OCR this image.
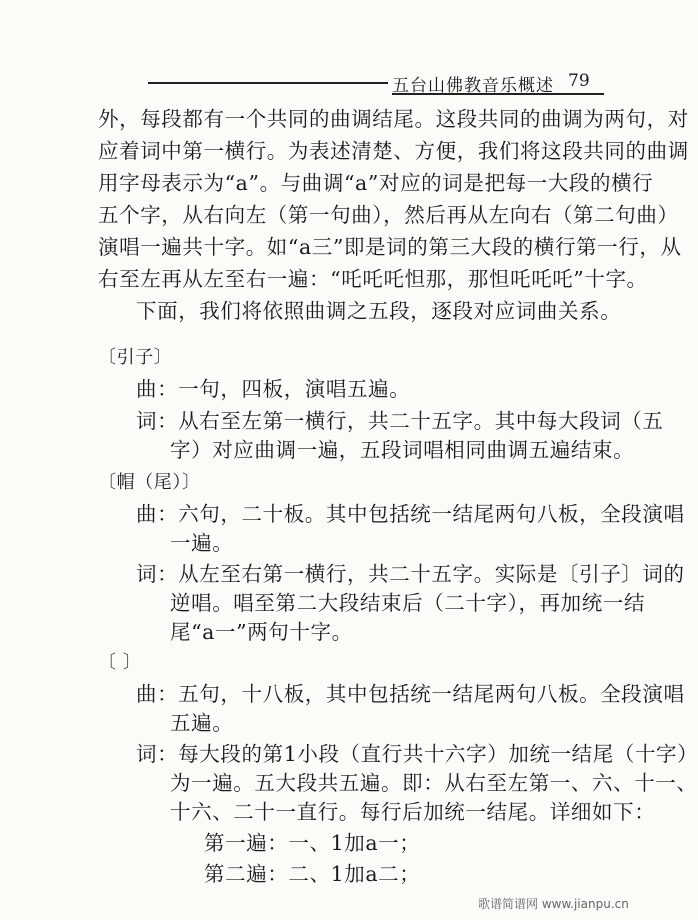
五台山佛教音乐概述 79
外，每段都有一个共同的曲调结尾。这段共同的曲调为两句，对
应着词中第一横行。为表述清楚、方便，我们将这段共同的曲调
用字母表示为“a”。与曲调“a”对应的词是把每一大段的横行
五个字，从右向左（第一句曲），然后再从左向右（第二句曲）
演唱一遍共十字。如“a三”即是词的第三大段的横行第一行，从
右至左再从左至右一遍：“吒吒吒怛那，那怛吒吒吒”十字。
下面，我们将依照曲调之五段，逐段对应词曲关系。
〔引子〕
曲：一句，四板，演唱五遍。
词：从右至左第一横行，共二十五字。其中每大段词（五
字）对应曲调一遍，五段词唱相同曲调五遍结束。
〔帽（尾）〕
曲：六句，二十板。其中包括统一结尾两句八板，全段演唱
一遍。
词：从左至右第一横行，共二十五字。实际是〔引子〕词的
逆唱。唱至第二大段结束后（二十字），再加统一结
尾“a一”两句十字。
〔 〕
曲：五句，十八板，其中包括统一结尾两句八板。全段演唱
五遍。
词：每大段的第1小段（直行共十六字）加统一结尾（十字）
为一遍。五大段共五遍。即：从右至左第一、六、十一、
十六、二十一直行。每行后加统一结尾。详细如下：
第一遍：一、1加a一；
第二遍：二、1加a二；
歌谱简谱网 www.jianpu.cn
